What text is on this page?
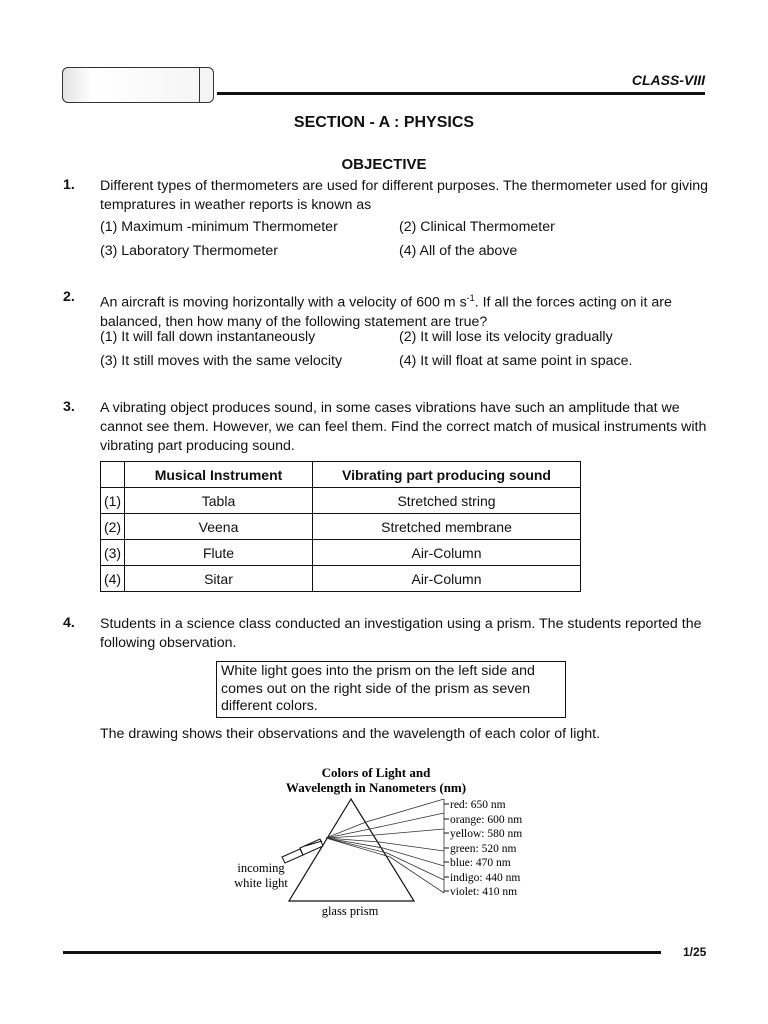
CLASS-VIII
SECTION - A : PHYSICS
OBJECTIVE
1. Different types of thermometers are used for different purposes. The thermometer used for giving tempratures in weather reports is known as
(1) Maximum -minimum Thermometer	(2) Clinical Thermometer
(3) Laboratory Thermometer	(4) All of the above
2. An aircraft is moving horizontally with a velocity of 600 m $s^{-1}$. If all the forces acting on it are balanced, then how many of the following statement are true?
(1) It will fall down instantaneously	(2) It will lose its velocity gradually
(3) It still moves with the same velocity	(4) It will float at same point in space.
3. A vibrating object produces sound, in some cases vibrations have such an amplitude that we cannot see them. However, we can feel them. Find the correct match of musical instruments with vibrating part producing sound.
	Musical Instrument	Vibrating part producing sound
(1)	Tabla	Stretched string
(2)	Veena	Stretched membrane
(3)	Flute	Air-Column
(4)	Sitar	Air-Column
4. Students in a science class conducted an investigation using a prism. The students reported the following observation.
White light goes into the prism on the left side and comes out on the right side of the prism as seven different colors.
The drawing shows their observations and the wavelength of each color of light.
Colors of Light and
Wavelength in Nanometers (nm)
red: 650 nm
orange: 600 nm
yellow: 580 nm
green: 520 nm
blue: 470 nm
indigo: 440 nm
violet: 410 nm
incoming
white light
glass prism
1/25
